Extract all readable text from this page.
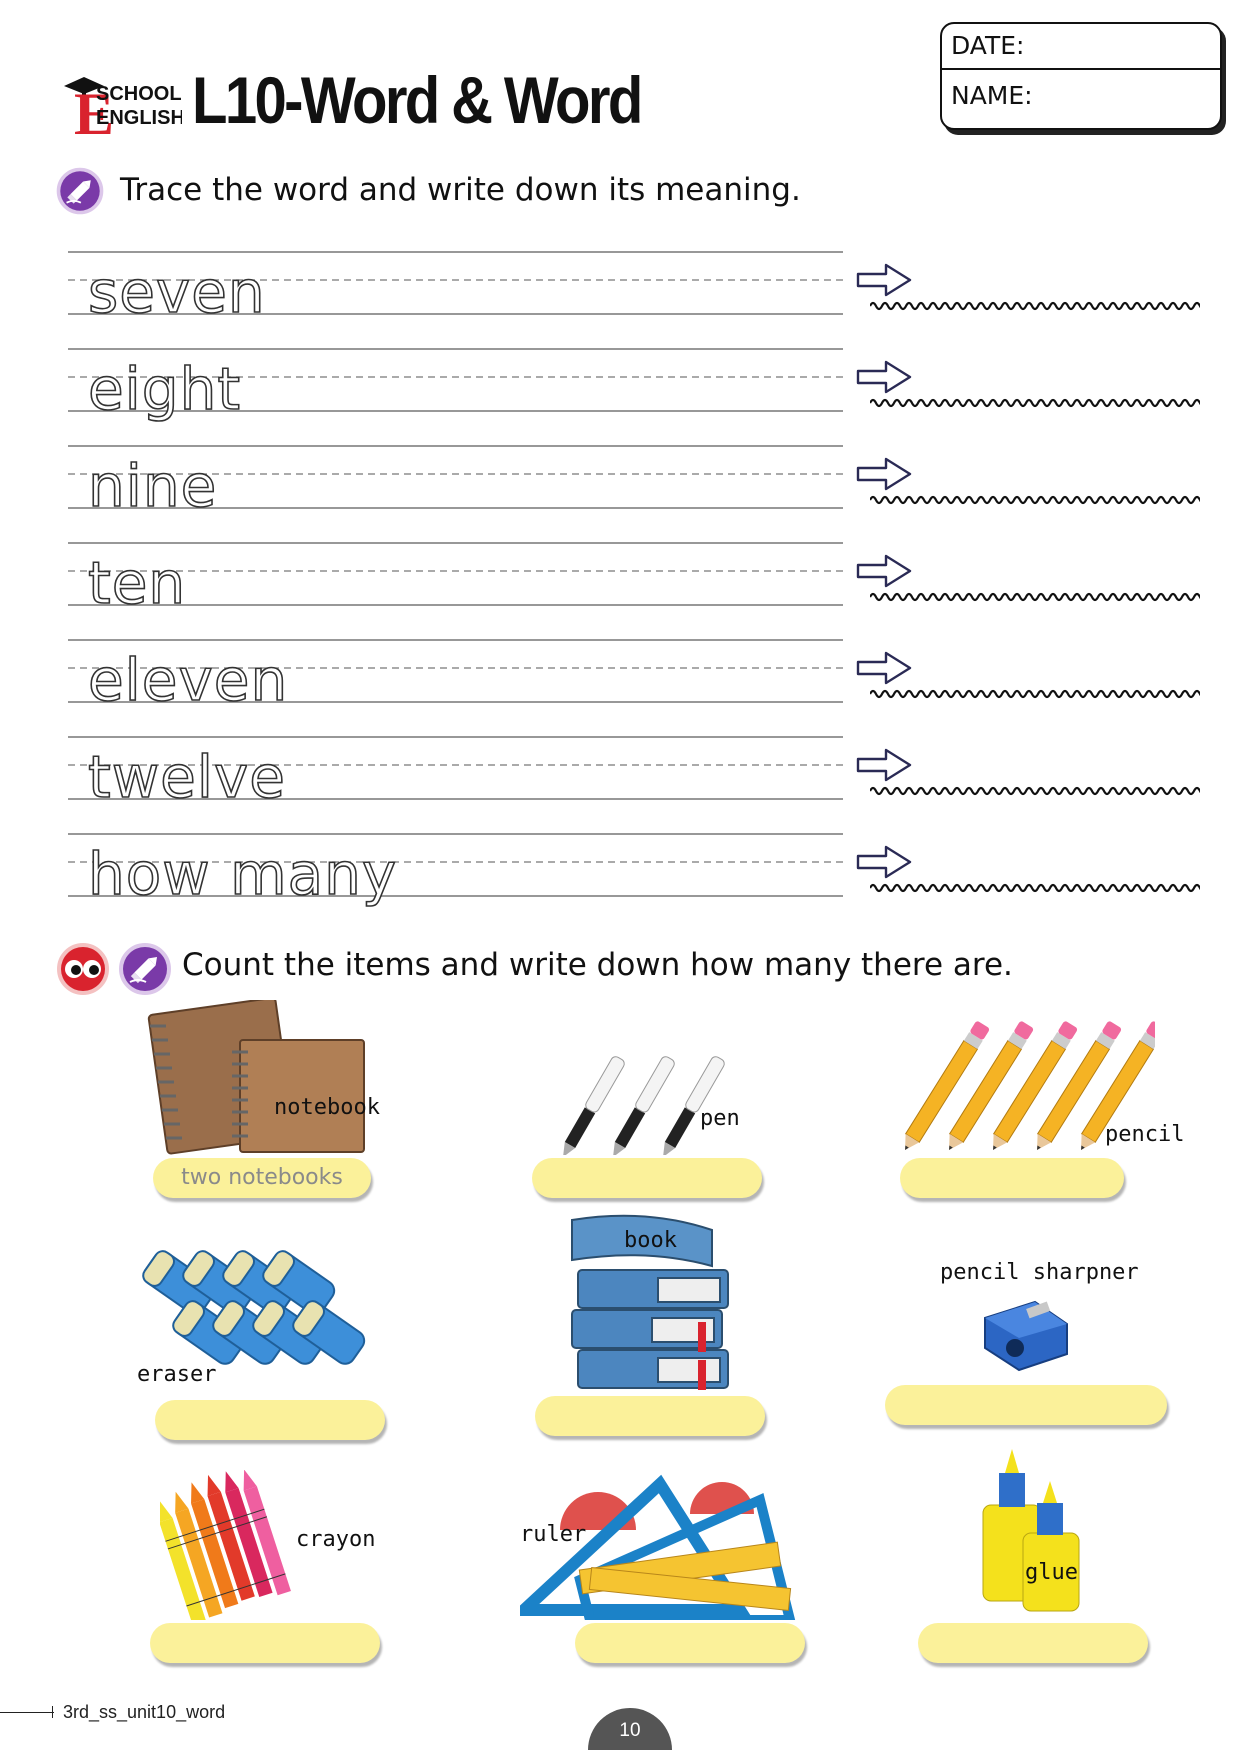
E
SCHOOL
ENGLISH L10-Word & Word
DATE:
NAME:
Trace the word and write down its meaning.
seven
eight
nine
ten
eleven
twelve
how many
Count the items and write down how many there are.
notebook
two notebooks
pen
pencil
eraser
book
pencil sharpner
crayon	ruler
glue
3rd_ss_unit10_word
10
